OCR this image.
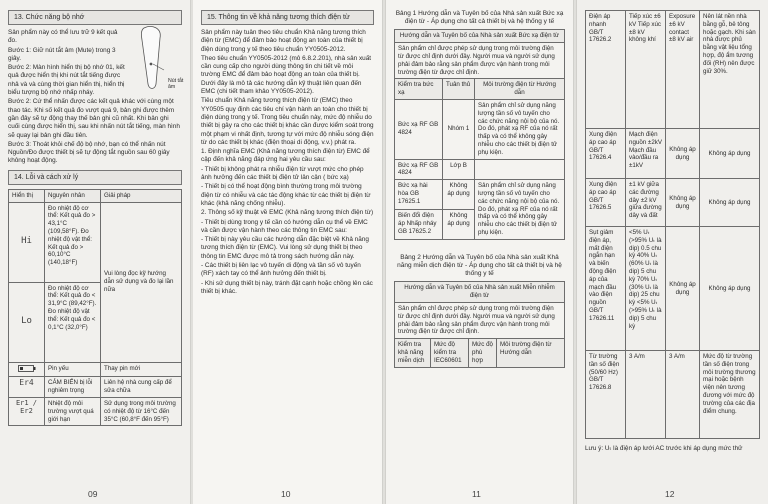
13. Chức năng bộ nhớ
Sản phẩm này có thể lưu trữ 9 kết quả đo.
Bước 1: Giữ nút tắt âm (Mute) trong 3 giây.
Bước 2: Màn hình hiển thị bộ nhớ 01, kết quả được hiển thị khi nút tắt tiếng được nhả và và cùng thời gian hiển thị, hiển thị biểu tượng bộ nhớ nhấp nháy.
Bước 2: Cứ thể nhấn được các kết quả khác với cùng một thao tác. Khi số kết quả đo vượt quá 9, bản ghi được thêm gần đây sẽ tự động thay thế bản ghi cũ nhất. Khi bản ghi cuối cùng được hiển thị, sau khi nhấn nút tắt tiếng, màn hình sẽ quay lại bản ghi đầu tiên.
Bước 3: Thoát khỏi chế độ bộ nhớ, bạn có thể nhấn nút Nguồn/Đo được thiết bị sẽ tự động tắt nguồn sau 60 giây không hoạt động.
Nút tắt âm
14. Lỗi và cách xử lý
Hiển thị	Nguyên nhân	Giải pháp
Hi	Đo nhiệt độ cơ thể: Kết quả đo > 43,1°C (109,58°F). Đo nhiệt độ vật thể: Kết quả đo > 60,10°C (140,18°F)	Vui lòng đọc kỹ hướng dẫn sử dụng và đo lại lần nữa
Lo	Đo nhiệt độ cơ thể: Kết quả đo < 31,9°C (89,42°F). Đo nhiệt độ vật thể: Kết quả đo < 0,1°C (32,0°F)	
	Pin yếu	Thay pin mới
Er4	CẢM BIẾN bị lỗi nghiêm trọng	Liên hệ nhà cung cấp để sửa chữa
Er1 / Er2	Nhiệt độ môi trường vượt quá giới hạn	Sử dụng trong môi trường có nhiệt độ từ 16°C đến 35°C (60,8°F đến 95°F)
09
15. Thông tin về khả năng tương thích điện từ
Sản phẩm này tuân theo tiêu chuẩn Khả năng tương thích điện từ (EMC) để đảm bảo hoạt động an toàn của thiết bị điện dùng trong y tế theo tiêu chuẩn YY0505-2012.
Theo tiêu chuẩn YY0505-2012 (mô 6.8.2.201), nhà sản xuất cần cung cấp cho người dùng thông tin chi tiết về môi trường EMC để đảm bảo hoạt động an toàn của thiết bị. Dưới đây là mô tả các hướng dẫn kỹ thuật liên quan đến EMC (chi tiết tham khảo YY0505-2012).
Tiêu chuẩn Khả năng tương thích điện từ (EMC) theo YY0505 quy định các tiêu chí vận hành an toàn cho thiết bị điện dùng trong y tế. Trong tiêu chuẩn này, mức độ nhiễu do thiết bị gây ra cho các thiết bị khác cần được kiểm soát trong một phạm vi nhất định, tương tự với mức độ nhiễu sóng điện từ do các thiết bị khác (điện thoại di động, v.v.) phát ra.
1. Định nghĩa EMC (Khả năng tương thích điện từ) EMC để cập đến khả năng đáp ứng hai yêu cầu sau:
- Thiết bị không phát ra nhiễu điện từ vượt mức cho phép ảnh hưởng đến các thiết bị điện tử lân cận ( bức xạ)
- Thiết bị có thể hoạt động bình thường trong môi trường điện từ có nhiễu và các tác động khác từ các thiết bị điện từ khác (khả năng chống nhiễu).
2. Thông số kỹ thuật về EMC (Khả năng tương thích điện từ)
- Thiết bị dùng trong y tế cần có hướng dẫn cụ thể về EMC và cần được vận hành theo các thông tin EMC sau:
- Thiết bị này yêu cầu các hướng dẫn đặc biệt về Khả năng tương thích điện từ (EMC). Vui lòng sử dụng thiết bị theo thông tin EMC được mô tả trong sách hướng dẫn này.
- Các thiết bị liên lạc vô tuyến di động và tần số vô tuyến (RF) xách tay có thể ảnh hưởng đến thiết bị.
- Khi sử dụng thiết bị này, tránh đặt cạnh hoặc chồng lên các thiết bị khác.
10
Bảng 1 Hướng dẫn và Tuyên bố của Nhà sản xuất Bức xạ điện từ - Áp dụng cho tất cả thiết bị và hệ thống y tế
Hướng dẫn và Tuyên bố của Nhà sản xuất Bức xạ điện từ		
Sản phẩm chỉ được phép sử dụng trong môi trường điện từ được chỉ định dưới đây. Người mua và người sử dụng phải đảm bảo rằng sản phẩm được vận hành trong môi trường điện từ được chỉ định.		
Kiểm tra bức xạ	Tuân thủ	Môi trường điện từ Hướng dẫn
Bức xạ RF GB 4824	Nhóm 1	Sản phẩm chỉ sử dụng năng lượng tần số vô tuyến cho các chức năng nội bộ của nó. Do đó, phát xạ RF của nó rất thấp và có thể không gây nhiễu cho các thiết bị điện tử phụ kiện.
Bức xạ RF GB 4824	Lớp B	
Bức xạ hài hòa GB 17625.1	Không áp dụng	Sản phẩm chỉ sử dụng năng lượng tần số vô tuyến cho các chức năng nội bộ của nó. Do đó, phát xạ RF của nó rất thấp và có thể không gây nhiễu cho các thiết bị điện tử phụ kiện.
Biến đổi điện áp Nhấp nháy GB 17625.2	Không áp dụng	
Bảng 2 Hướng dẫn và Tuyên bố của Nhà sản xuất Khả năng miễn dịch điện từ - Áp dụng cho tất cả thiết bị và hệ thống y tế
Hướng dẫn và Tuyên bố của Nhà sản xuất Miễn nhiễm điện từ
Sản phẩm chỉ được phép sử dụng trong môi trường điện từ được chỉ định dưới đây. Người mua và người sử dụng phải đảm bảo rằng sản phẩm được vận hành trong môi trường điện từ được chỉ định.
Kiểm tra khả năng miễn dịch	Mức độ kiểm tra IEC60601	Mức độ phù hợp	Môi trường điện từ Hướng dẫn
11
Điện áp nhanh GB/T 17626.2	Tiếp xúc ±6 kV Tiếp xúc ±8 kV không khí	Exposure ±6 kV contact ±8 kV air	Nên lát nền nhà bằng gỗ, bê tông hoặc gạch. Khi sàn nhà được phủ bằng vật liệu tổng hợp, độ ẩm tương đối (RH) nên được giữ 30%.
Xung điện áp cao áp GB/T 17626.4	Mạch điện nguồn ±2kV Mạch đầu vào/đầu ra ±1kV	Không áp dụng	Không áp dụng
Xung điện áp cao áp GB/T 17626.5	±1 kV giữa các đường dây ±2 kV giữa đường dây và đất	Không áp dụng	Không áp dụng
Sụt giảm điện áp, mất điện ngắn hạn và biến động điện áp của mạch đầu vào điện nguồn GB/T 17626.11	<5% Uₜ (>95% Uₜ là dip) 0.5 chu kỳ 40% Uₜ (60% Uₜ là dip) 5 chu kỳ 70% Uₜ (30% Uₜ là dip) 25 chu kỳ <5% Uₜ (>95% Uₜ là dip) 5 chu kỳ	Không áp dụng	Không áp dụng
Từ trường tần số điện (50/60 Hz) GB/T 17626.8	3 A/m	3 A/m	Mức độ từ trường tần số điện trong môi trường thương mại hoặc bệnh viện nên tương đương với mức độ trường của các địa điểm chung.
Lưu ý: Uₜ là điện áp lưới AC trước khi áp dụng mức thử
12
